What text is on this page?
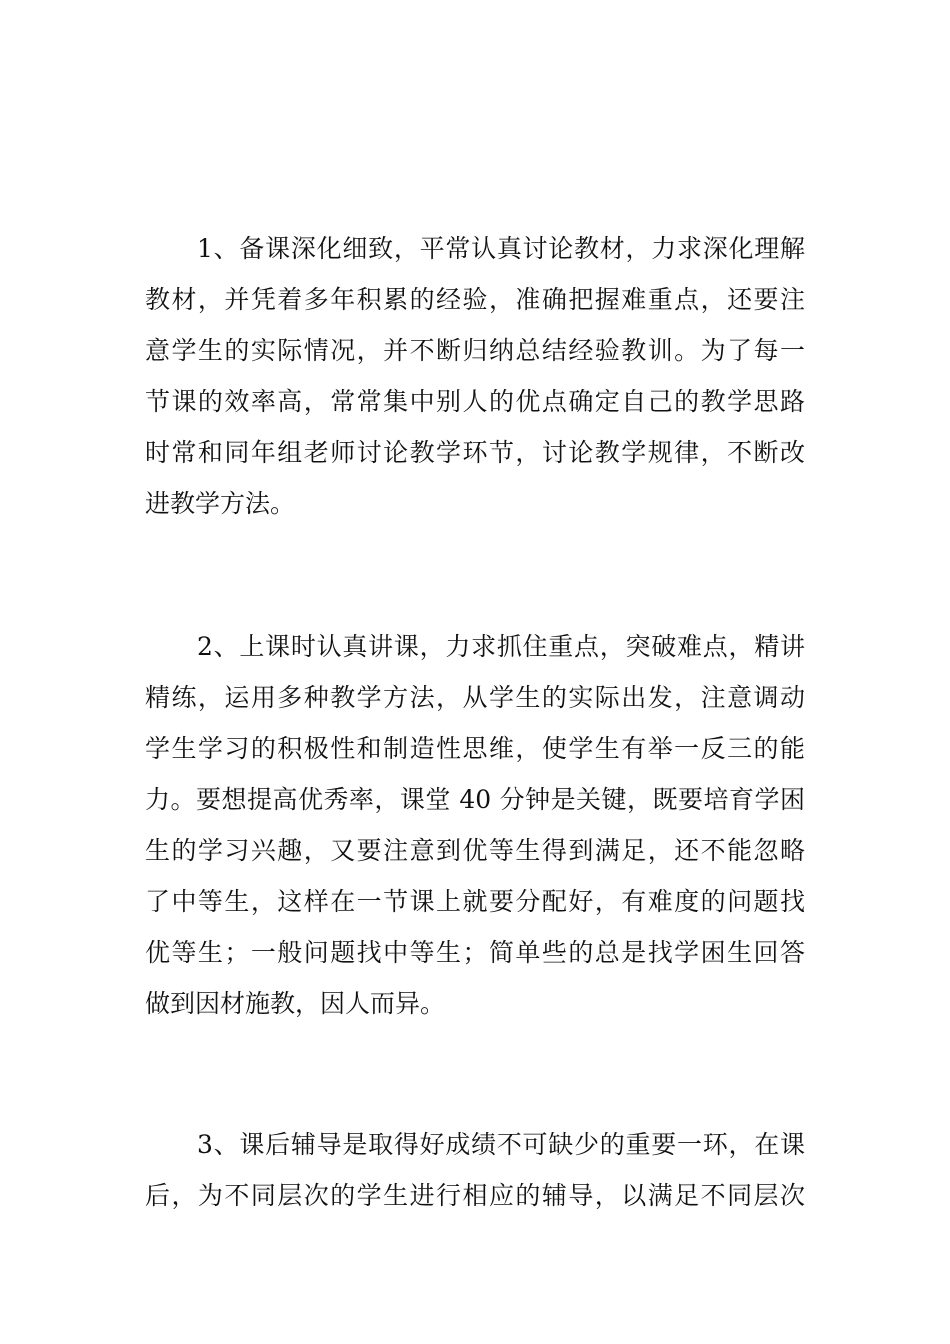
1、备课深化细致，平常认真讨论教材，力求深化理解
教材，并凭着多年积累的经验，准确把握难重点，还要注
意学生的实际情况，并不断归纳总结经验教训。为了每一
节课的效率高，常常集中别人的优点确定自己的教学思路
时常和同年组老师讨论教学环节，讨论教学规律，不断改
进教学方法。
2、上课时认真讲课，力求抓住重点，突破难点，精讲
精练，运用多种教学方法，从学生的实际出发，注意调动
学生学习的积极性和制造性思维，使学生有举一反三的能
力。要想提高优秀率，课堂 40 分钟是关键，既要培育学困
生的学习兴趣，又要注意到优等生得到满足，还不能忽略
了中等生，这样在一节课上就要分配好，有难度的问题找
优等生；一般问题找中等生；简单些的总是找学困生回答
做到因材施教，因人而异。
3、课后辅导是取得好成绩不可缺少的重要一环，在课
后，为不同层次的学生进行相应的辅导，以满足不同层次
